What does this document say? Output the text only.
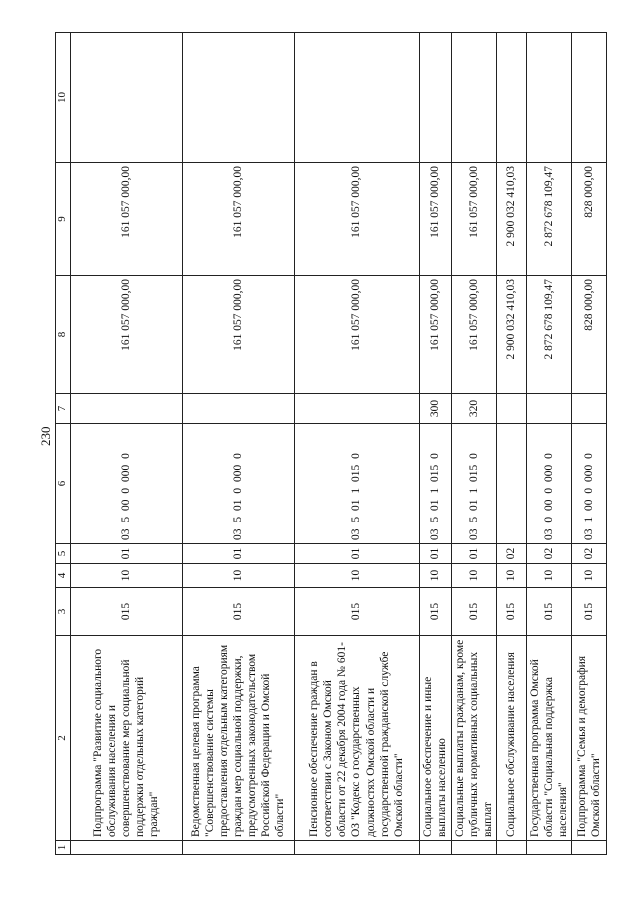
230
1	2	3	4	5	6	7	8	9	10
	Подпрограмма "Развитие социального обслуживания населения и совершенствование мер социальной поддержки отдельных категорий граждан"	015	10	01	03 5 00 0 000 0		161 057 000,00	161 057 000,00	
	Ведомственная целевая программа "Совершенствование системы предоставления отдельным категориям граждан мер социальной поддержки, предусмотренных законодательством Российской Федерации и Омской области"	015	10	01	03 5 01 0 000 0		161 057 000,00	161 057 000,00	
	Пенсионное обеспечение граждан в соответствии с Законом Омской области от 22 декабря 2004 года № 601-ОЗ "Кодекс о государственных должностях Омской области и государственной гражданской службе Омской области"	015	10	01	03 5 01 1 015 0		161 057 000,00	161 057 000,00	
	Социальное обеспечение и иные выплаты населению	015	10	01	03 5 01 1 015 0	300	161 057 000,00	161 057 000,00	
	Социальные выплаты гражданам, кроме публичных нормативных социальных выплат	015	10	01	03 5 01 1 015 0	320	161 057 000,00	161 057 000,00	
	Социальное обслуживание населения	015	10	02			2 900 032 410,03	2 900 032 410,03	
	Государственная программа Омской области "Социальная поддержка населения"	015	10	02	03 0 00 0 000 0		2 872 678 109,47	2 872 678 109,47	
	Подпрограмма "Семья и демография Омской области"	015	10	02	03 1 00 0 000 0		828 000,00	828 000,00	
